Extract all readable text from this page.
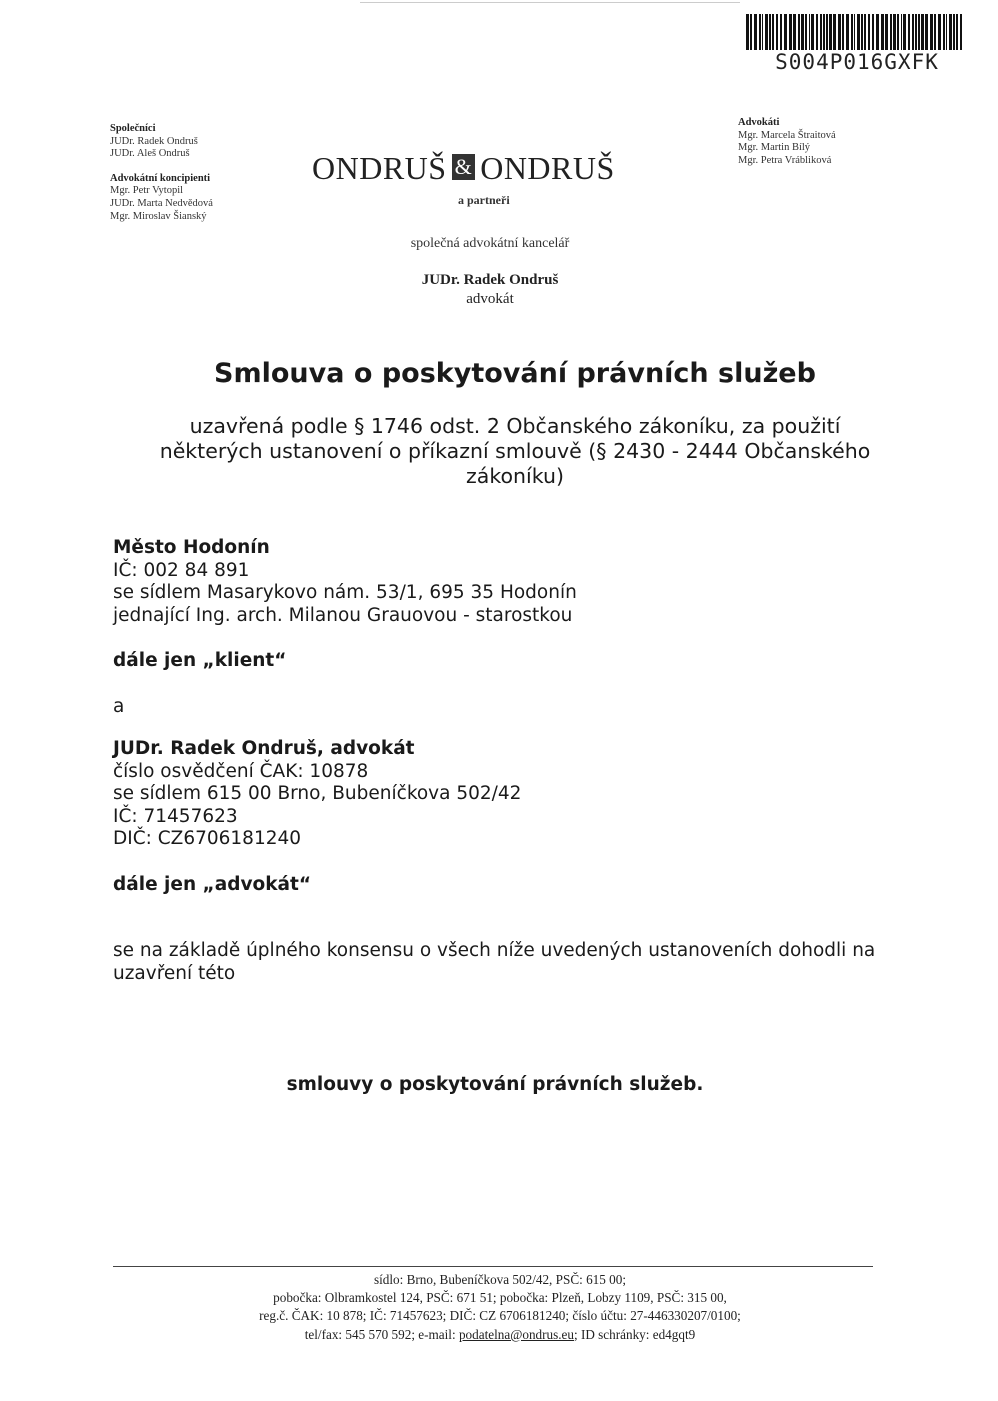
S004P016GXFK
Společníci
JUDr. Radek Ondruš
JUDr. Aleš Ondruš
Advokátní koncipienti
Mgr. Petr Vytopil
JUDr. Marta Nedvědová
Mgr. Miroslav Šianský
Advokáti
Mgr. Marcela Štraitová
Mgr. Martin Bílý
Mgr. Petra Vrábliková
ONDRUŠ & ONDRUŠ
a partneři
společná advokátní kancelář
JUDr. Radek Ondruš
advokát
Smlouva o poskytování právních služeb
uzavřená podle § 1746 odst. 2 Občanského zákoníku, za použití některých ustanovení o příkazní smlouvě (§ 2430 - 2444 Občanského zákoníku)
Město Hodonín
IČ: 002 84 891
se sídlem Masarykovo nám. 53/1, 695 35 Hodonín
jednající Ing. arch. Milanou Grauovou - starostkou
dále jen „klient“
a
JUDr. Radek Ondruš, advokát
číslo osvědčení ČAK: 10878
se sídlem 615 00 Brno, Bubeníčkova 502/42
IČ: 71457623
DIČ: CZ6706181240
dále jen „advokát“
se na základě úplného konsensu o všech níže uvedených ustanoveních dohodli na uzavření této
smlouvy o poskytování právních služeb.
sídlo: Brno, Bubeníčkova 502/42, PSČ: 615 00;
pobočka: Olbramkostel 124, PSČ: 671 51; pobočka: Plzeň, Lobzy 1109, PSČ: 315 00,
reg.č. ČAK: 10 878; IČ: 71457623; DIČ: CZ 6706181240; číslo účtu: 27-446330207/0100;
tel/fax: 545 570 592; e-mail: podatelna@ondrus.eu; ID schránky: ed4gqt9
